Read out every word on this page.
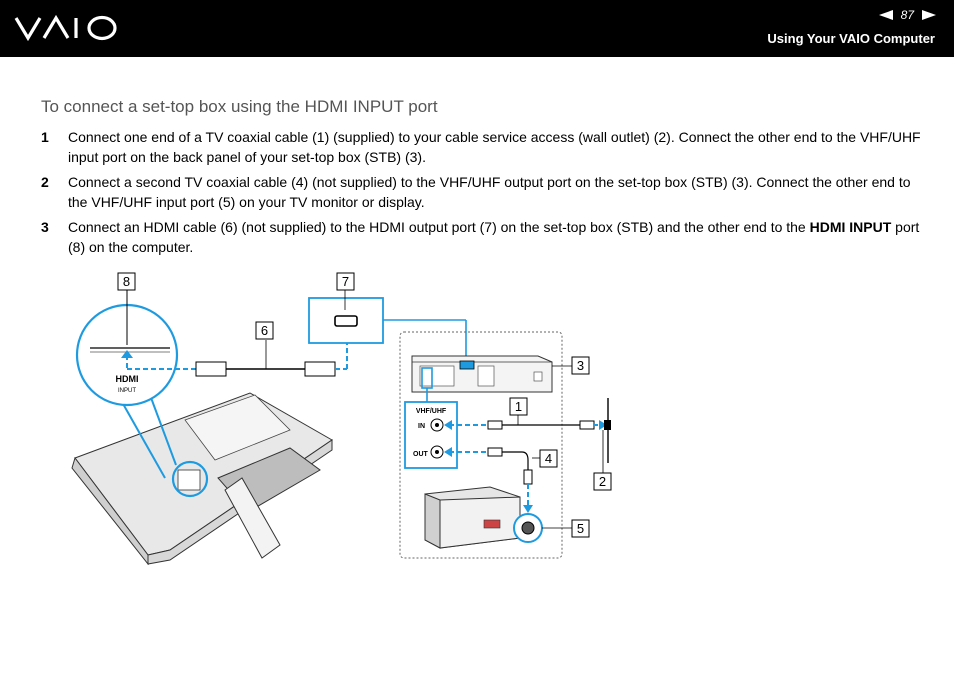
87
Using Your VAIO Computer
To connect a set-top box using the HDMI INPUT port
1 Connect one end of a TV coaxial cable (1) (supplied) to your cable service access (wall outlet) (2). Connect the other end to the VHF/UHF input port on the back panel of your set-top box (STB) (3).
2 Connect a second TV coaxial cable (4) (not supplied) to the VHF/UHF output port on the set-top box (STB) (3). Connect the other end to the VHF/UHF input port (5) on your TV monitor or display.
3 Connect an HDMI cable (6) (not supplied) to the HDMI output port (7) on the set-top box (STB) and the other end to the HDMI INPUT port (8) on the computer.
8	7
6
3
1
4
2
5
HDMI
INPUT
VHF/UHF
IN
OUT
